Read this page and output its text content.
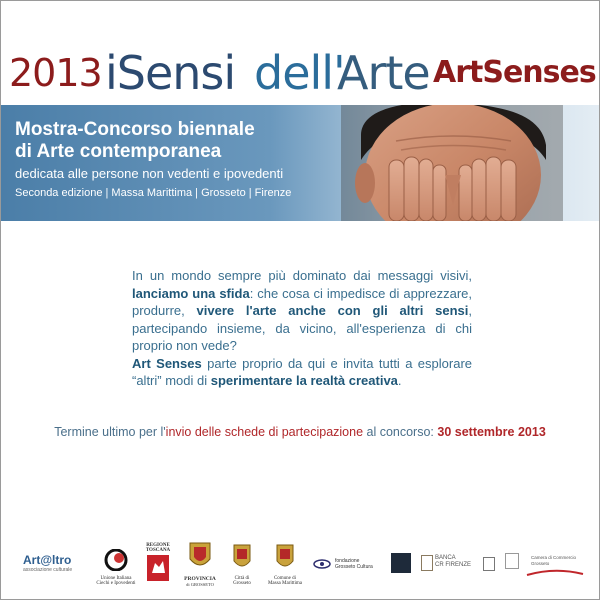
2013 iSensi dell'
Arte ArtSenses
Mostra-Concorso biennale
di Arte contemporanea
dedicata alle persone non vedenti e ipovedenti
Seconda edizione | Massa Marittima | Grosseto | Firenze
In un mondo sempre più dominato dai messaggi visivi, lanciamo una sfida: che cosa ci impedisce di apprezzare, produrre, vivere l'arte anche con gli altri sensi, partecipando insieme, da vicino, all'esperienza di chi proprio non vede?
Art Senses parte proprio da qui e invita tutti a esplorare “altri” modi di sperimentare la realtà creativa.
Termine ultimo per l'invio delle schede di partecipazione al concorso: 30 settembre 2013
Art@ltro
associazione culturale
Unione Italiana
Ciechi e Ipovedenti
REGIONE
TOSCANA
PROVINCIA
di GROSSETO
Città di
Grosseto
Comune di
Massa Marittima
fondazione
Grosseto Cultura
BANCA
CR FIRENZE
Camera di Commercio
Grosseto
